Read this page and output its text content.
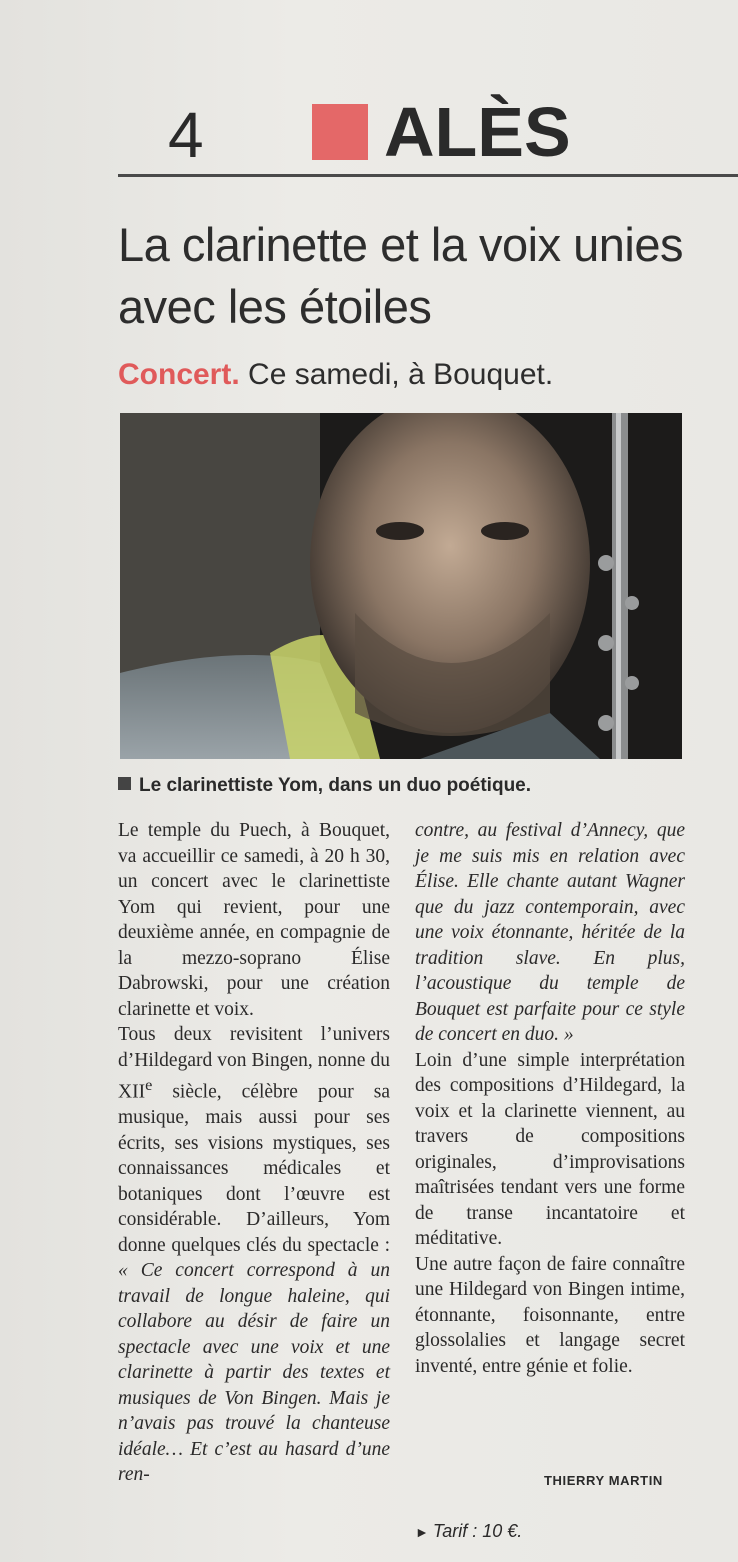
4	ALÈS
La clarinette et la voix unies avec les étoiles
Concert. Ce samedi, à Bouquet.
Le clarinettiste Yom, dans un duo poétique.

Le temple du Puech, à Bouquet, va accueillir ce samedi, à 20 h 30, un concert avec le clarinettiste Yom qui revient, pour une deuxième année, en compagnie de la mezzo-soprano Élise Dabrowski, pour une création clarinette et voix.

Tous deux revisitent l’univers d’Hildegard von Bingen, nonne du XIIe siècle, célèbre pour sa musique, mais aussi pour ses écrits, ses visions mystiques, ses connaissances médicales et botaniques dont l’œuvre est considérable. D’ailleurs, Yom donne quelques clés du spectacle : « Ce concert correspond à un travail de longue haleine, qui collabore au désir de faire un spectacle avec une voix et une clarinette à partir des textes et musiques de Von Bingen. Mais je n’avais pas trouvé la chanteuse idéale… Et c’est au hasard d’une ren-

contre, au festival d’Annecy, que je me suis mis en relation avec Élise. Elle chante autant Wagner que du jazz contemporain, avec une voix étonnante, héritée de la tradition slave. En plus, l’acoustique du temple de Bouquet est parfaite pour ce style de concert en duo. »

Loin d’une simple interprétation des compositions d’Hildegard, la voix et la clarinette viennent, au travers de compositions originales, d’improvisations maîtrisées tendant vers une forme de transe incantatoire et méditative.

Une autre façon de faire connaître une Hildegard von Bingen intime, étonnante, foisonnante, entre glossolalies et langage secret inventé, entre génie et folie.

THIERRY MARTIN
► Tarif : 10 €.
